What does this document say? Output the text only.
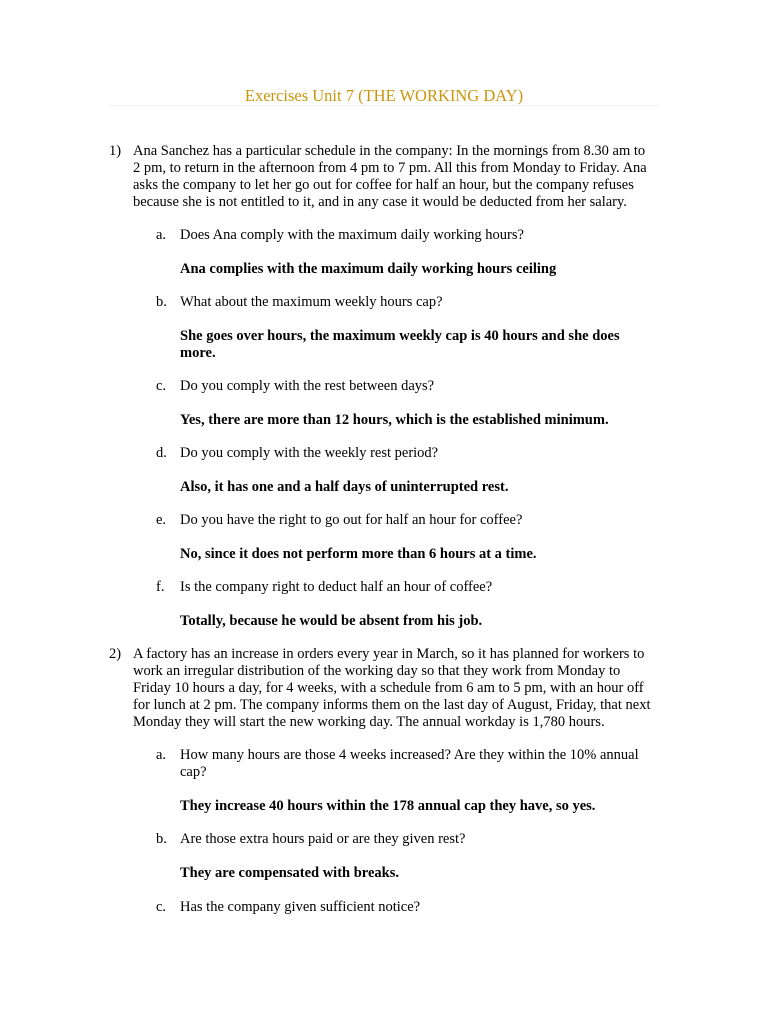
Exercises Unit 7 (THE WORKING DAY)
1) Ana Sanchez has a particular schedule in the company: In the mornings from 8.30 am to 2 pm, to return in the afternoon from 4 pm to 7 pm. All this from Monday to Friday. Ana asks the company to let her go out for coffee for half an hour, but the company refuses because she is not entitled to it, and in any case it would be deducted from her salary.
a. Does Ana comply with the maximum daily working hours?
Ana complies with the maximum daily working hours ceiling
b. What about the maximum weekly hours cap?
She goes over hours, the maximum weekly cap is 40 hours and she does more.
c. Do you comply with the rest between days?
Yes, there are more than 12 hours, which is the established minimum.
d. Do you comply with the weekly rest period?
Also, it has one and a half days of uninterrupted rest.
e. Do you have the right to go out for half an hour for coffee?
No, since it does not perform more than 6 hours at a time.
f. Is the company right to deduct half an hour of coffee?
Totally, because he would be absent from his job.
2) A factory has an increase in orders every year in March, so it has planned for workers to work an irregular distribution of the working day so that they work from Monday to Friday 10 hours a day, for 4 weeks, with a schedule from 6 am to 5 pm, with an hour off for lunch at 2 pm. The company informs them on the last day of August, Friday, that next Monday they will start the new working day. The annual workday is 1,780 hours.
a. How many hours are those 4 weeks increased? Are they within the 10% annual cap?
They increase 40 hours within the 178 annual cap they have, so yes.
b. Are those extra hours paid or are they given rest?
They are compensated with breaks.
c. Has the company given sufficient notice?
